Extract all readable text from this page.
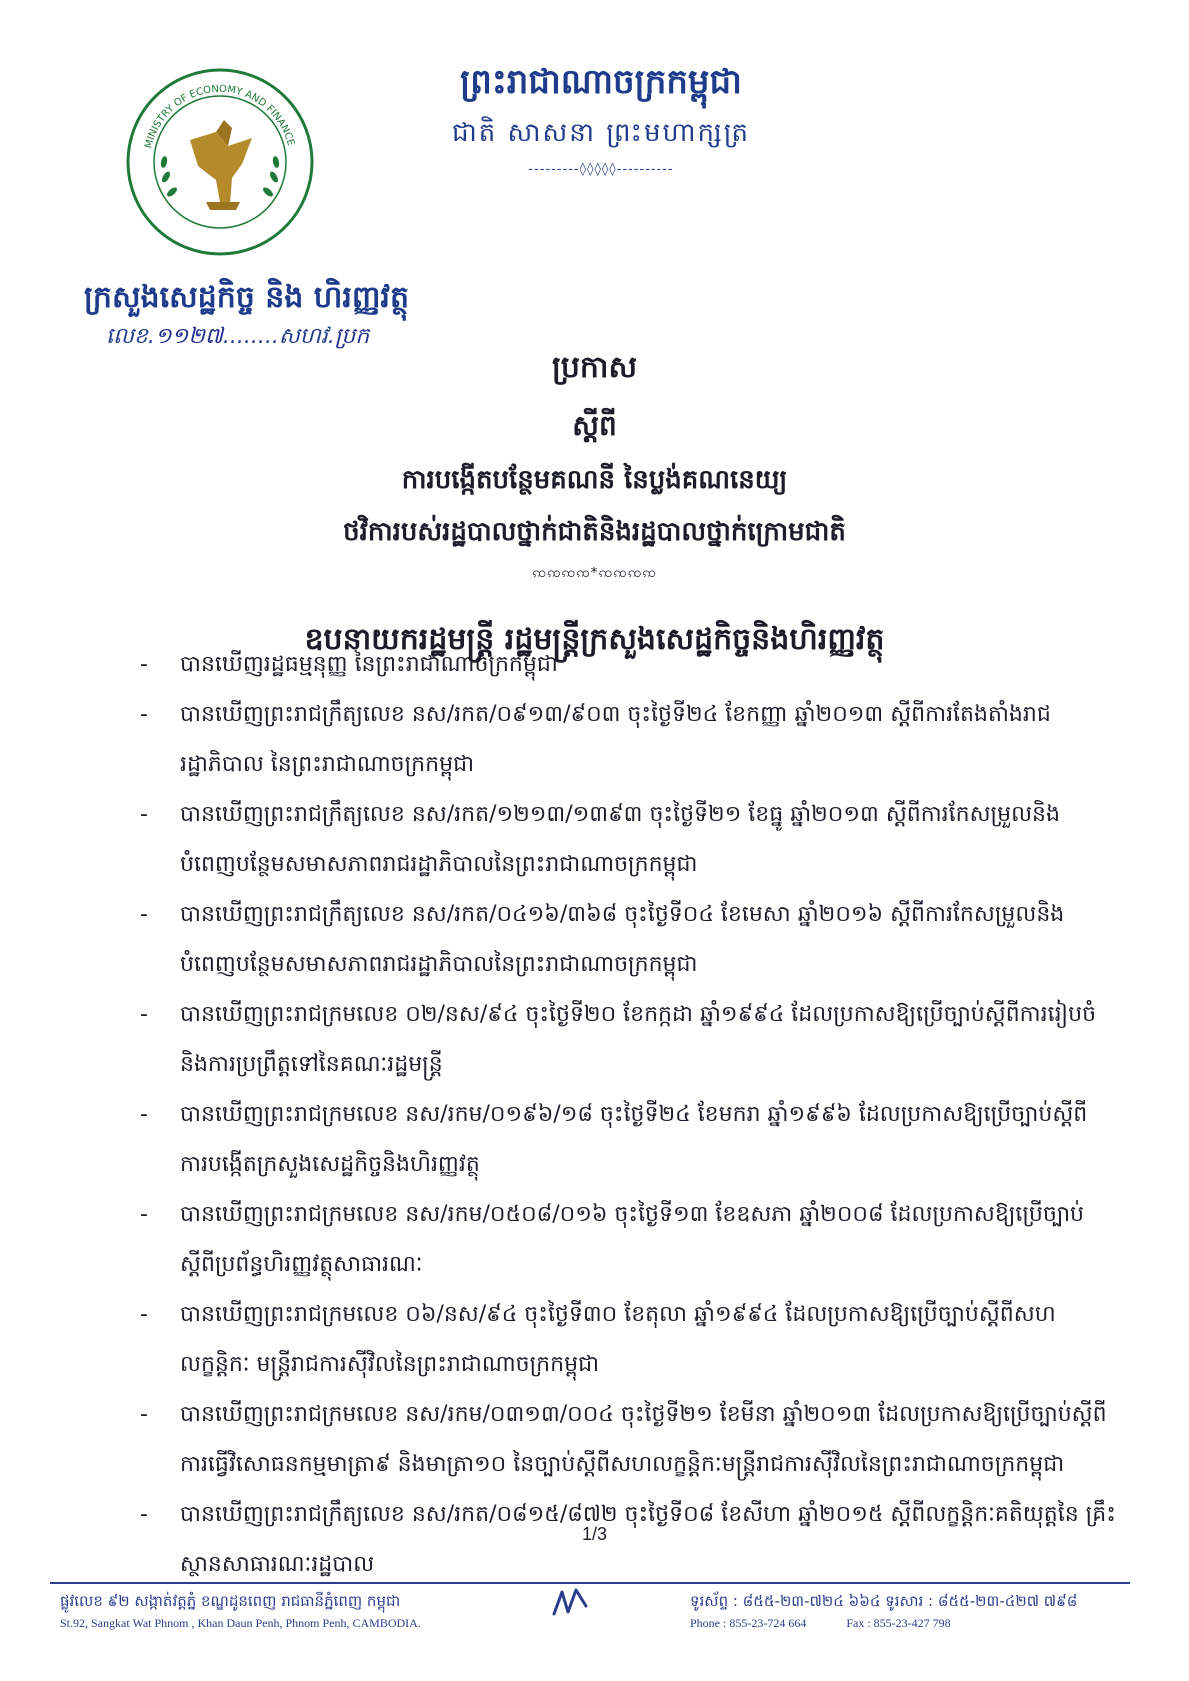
MINISTRY OF ECONOMY AND FINANCE
ក្រសួងសេដ្ឋកិច្ច និង ហិរញ្ញវត្ថុ
លេខ.១១២៧........សហវ.ប្រក
ព្រះរាជាណាចក្រកម្ពុជា
ជាតិ សាសនា ព្រះមហាក្សត្រ
---------◊◊◊◊◊----------
ប្រកាស
ស្តីពី
ការបង្កើតបន្ថែមគណនី នៃប្លង់គណនេយ្យ
ថវិការបស់រដ្ឋបាលថ្នាក់ជាតិនិងរដ្ឋបាលថ្នាក់ក្រោមជាតិ
ꩡꩡꩡꩡ*ꩡꩡꩡꩡ
ឧបនាយករដ្ឋមន្ត្រី រដ្ឋមន្ត្រីក្រសួងសេដ្ឋកិច្ចនិងហិរញ្ញវត្ថុ
- បានឃើញរដ្ឋធម្មនុញ្ញ នៃព្រះរាជាណាចក្រកម្ពុជា
- បានឃើញព្រះរាជក្រឹត្យលេខ នស/រកត/០៩១៣/៩០៣ ចុះថ្ងៃទី២៤ ខែកញ្ញា ឆ្នាំ២០១៣ ស្តីពីការតែងតាំងរាជរដ្ឋាភិបាល នៃព្រះរាជាណាចក្រកម្ពុជា
- បានឃើញព្រះរាជក្រឹត្យលេខ នស/រកត/១២១៣/១៣៩៣ ចុះថ្ងៃទី២១ ខែធ្នូ ឆ្នាំ២០១៣ ស្តីពីការកែសម្រួលនិង បំពេញបន្ថែមសមាសភាពរាជរដ្ឋាភិបាលនៃព្រះរាជាណាចក្រកម្ពុជា
- បានឃើញព្រះរាជក្រឹត្យលេខ នស/រកត/០៤១៦/៣៦៨ ចុះថ្ងៃទី០៤ ខែមេសា ឆ្នាំ២០១៦ ស្តីពីការកែសម្រួលនិង បំពេញបន្ថែមសមាសភាពរាជរដ្ឋាភិបាលនៃព្រះរាជាណាចក្រកម្ពុជា
- បានឃើញព្រះរាជក្រមលេខ ០២/នស/៩៤ ចុះថ្ងៃទី២០ ខែកក្កដា ឆ្នាំ១៩៩៤ ដែលប្រកាសឱ្យប្រើច្បាប់ស្តីពីការរៀបចំ និងការប្រព្រឹត្តទៅនៃគណៈរដ្ឋមន្ត្រី
- បានឃើញព្រះរាជក្រមលេខ នស/រកម/០១៩៦/១៨ ចុះថ្ងៃទី២៤ ខែមករា ឆ្នាំ១៩៩៦ ដែលប្រកាសឱ្យប្រើច្បាប់ស្តីពី ការបង្កើតក្រសួងសេដ្ឋកិច្ចនិងហិរញ្ញវត្ថុ
- បានឃើញព្រះរាជក្រមលេខ នស/រកម/០៥០៨/០១៦ ចុះថ្ងៃទី១៣ ខែឧសភា ឆ្នាំ២០០៨ ដែលប្រកាសឱ្យប្រើច្បាប់ ស្តីពីប្រព័ន្ធហិរញ្ញវត្ថុសាធារណៈ
- បានឃើញព្រះរាជក្រមលេខ ០៦/នស/៩៤ ចុះថ្ងៃទី៣០ ខែតុលា ឆ្នាំ១៩៩៤ ដែលប្រកាសឱ្យប្រើច្បាប់ស្តីពីសហលក្ខន្តិកៈ មន្ត្រីរាជការស៊ីវិលនៃព្រះរាជាណាចក្រកម្ពុជា
- បានឃើញព្រះរាជក្រមលេខ នស/រកម/០៣១៣/០០៤ ចុះថ្ងៃទី២១ ខែមីនា ឆ្នាំ២០១៣ ដែលប្រកាសឱ្យប្រើច្បាប់ស្តីពី ការធ្វើវិសោធនកម្មមាត្រា៩ និងមាត្រា១០ នៃច្បាប់ស្តីពីសហលក្ខន្តិកៈមន្ត្រីរាជការស៊ីវិលនៃព្រះរាជាណាចក្រកម្ពុជា
- បានឃើញព្រះរាជក្រឹត្យលេខ នស/រកត/០៨១៥/៨៧២ ចុះថ្ងៃទី០៨ ខែសីហា ឆ្នាំ២០១៥ ស្តីពីលក្ខន្តិកៈគតិយុត្តនៃ គ្រឹះស្ថានសាធារណៈរដ្ឋបាល
1/3
ផ្លូវលេខ ៩២ សង្កាត់វត្តភ្នំ ខណ្ឌដូនពេញ រាជធានីភ្នំពេញ កម្ពុជា
St.92, Sangkat Wat Phnom , Khan Daun Penh, Phnom Penh, CAMBODIA.
ទូរស័ព្ទ : ៨៥៥-២៣-៧២៤ ៦៦៤ ទូរសារ : ៨៥៥-២៣-៤២៧ ៧៩៨
Phone : 855-23-724 664	Fax : 855-23-427 798
